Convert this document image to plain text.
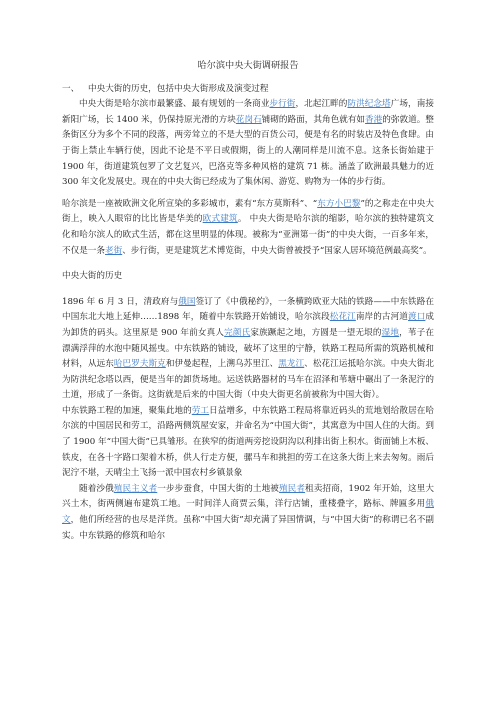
哈尔滨中央大街调研报告
一、 中央大街的历史，包括中央大街形成及演变过程

中央大街是哈尔滨市最繁盛、最有规划的一条商业步行街，北起江畔的防洪纪念塔广场，南接新阳广场，长 1400 米，仍保持原光滑的方块花岗石铺砌的路面，其角色就有如香港的弥敦道。整条街区分为多个不同的段落，两旁耸立的不是大型的百货公司，便是有名的时装店及特色食肆。由于街上禁止车辆行使，因此不论是不平日或假期，街上的人潮同样是川流不息。这条长街始建于 1900 年，街道建筑包罗了文艺复兴，巴洛克等多种风格的建筑 71 栋。涵盖了欧洲最具魅力的近 300 年文化发展史。现在的中央大街已经成为了集休闲、游览、购物为一体的步行街。

哈尔滨是一座被欧洲文化所宣染的多彩城市，素有“东方莫斯科”、“东方小巴黎”的之称走在中央大街上，映入人眼帘的比比皆是华美的欧式建筑。 中央大街是哈尔滨的缩影，哈尔滨的独特建筑文化和哈尔滨人的欧式生活，都在这里明显的体现。被称为“亚洲第一街”的中央大街，一百多年来，不仅是一条老街、步行街，更是建筑艺术博览街，中央大街曾被授予“国家人居环境范例最高奖”。

中央大街的历史

1896 年 6 月 3 日，清政府与俄国签订了《中俄秘约》，一条横跨欧亚大陆的铁路——中东铁路在中国东北大地上延伸……1898 年，随着中东铁路开始铺设，哈尔滨段松花江南岸的古河道渡口成为卸货的码头。这里原是 900 年前女真人完颜氏家族蹶起之地，方圆是一望无垠的湿地，苇子在漂满浮萍的水泡中随风摇曳。中东铁路的铺设，破坏了这里的宁静，铁路工程局所需的筑路机械和材料，从远东哈巴罗夫斯克和伊曼起程，上溯乌苏里江、黑龙江、松花江运抵哈尔滨。中央大街北为防洪纪念塔以西，便是当年的卸货场地。运送铁路器材的马车在沼泽和苇塘中碾出了一条泥泞的土道，形成了一条街。这街就是后来的中国大街（中央大街更名前被称为中国大街）。

中东铁路工程的加速，聚集此地的劳工日益增多，中东铁路工程局将靠近码头的荒地划给散居在哈尔滨的中国居民和劳工，沿路两侧筑屋安家，并命名为“中国大街”，其寓意为中国人住的大街。到了 1900 年“中国大街”已具雏形。在狭窄的街道两旁挖设阴沟以利排出街上积水。街面铺上木板、铁皮，在各十字路口架着木桥，供人行走方便，骡马车和挑担的劳工在这条大街上来去匆匆。雨后泥泞不堪，天晴尘土飞扬一派中国农村乡镇景象

随着沙俄殖民主义者一步步蚕食，中国大街的土地被殖民者租卖招商，1902 年开始，这里大兴土木，街两侧遍布建筑工地。一时间洋人商贾云集，洋行店铺，重楼叠字，路标、牌匾多用俄文，他们所经营的也尽是洋货。虽称“中国大街”却充满了异国情调，与“中国大街”的称谓已名不副实。中东铁路的修筑和哈尔
